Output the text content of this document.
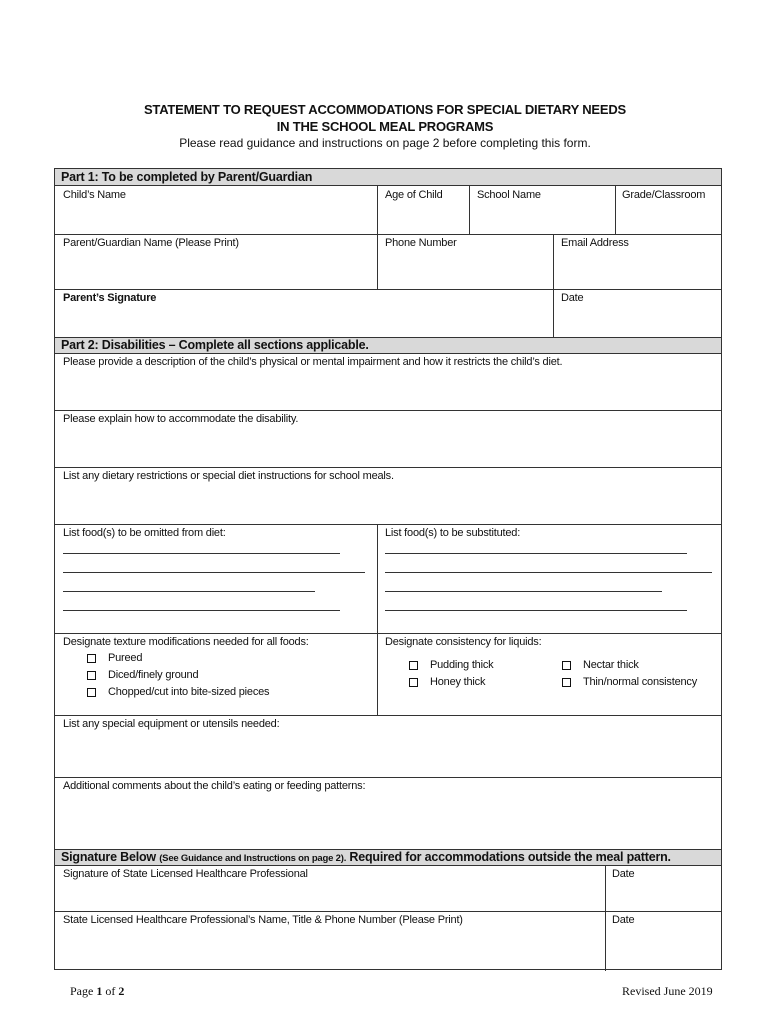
STATEMENT TO REQUEST ACCOMMODATIONS FOR SPECIAL DIETARY NEEDS
IN THE SCHOOL MEAL PROGRAMS
Please read guidance and instructions on page 2 before completing this form.
Part 1: To be completed by Parent/Guardian
Child’s Name	Age of Child	School Name	Grade/Classroom
Parent/Guardian Name (Please Print)	Phone Number	Email Address
Parent’s Signature	Date
Part 2: Disabilities – Complete all sections applicable.
Please provide a description of the child’s physical or mental impairment and how it restricts the child’s diet.
Please explain how to accommodate the disability.
List any dietary restrictions or special diet instructions for school meals.
List food(s) to be omitted from diet:	List food(s) to be substituted:
Designate texture modifications needed for all foods:
Pureed
Diced/finely ground
Chopped/cut into bite-sized pieces
Designate consistency for liquids:
Pudding thick
Honey thick
Nectar thick
Thin/normal consistency
List any special equipment or utensils needed:
Additional comments about the child’s eating or feeding patterns:
Signature Below (See Guidance and Instructions on page 2). Required for accommodations outside the meal pattern.
Signature of State Licensed Healthcare Professional	Date
State Licensed Healthcare Professional’s Name, Title & Phone Number (Please Print)	Date
Page 1 of 2	Revised June 2019
